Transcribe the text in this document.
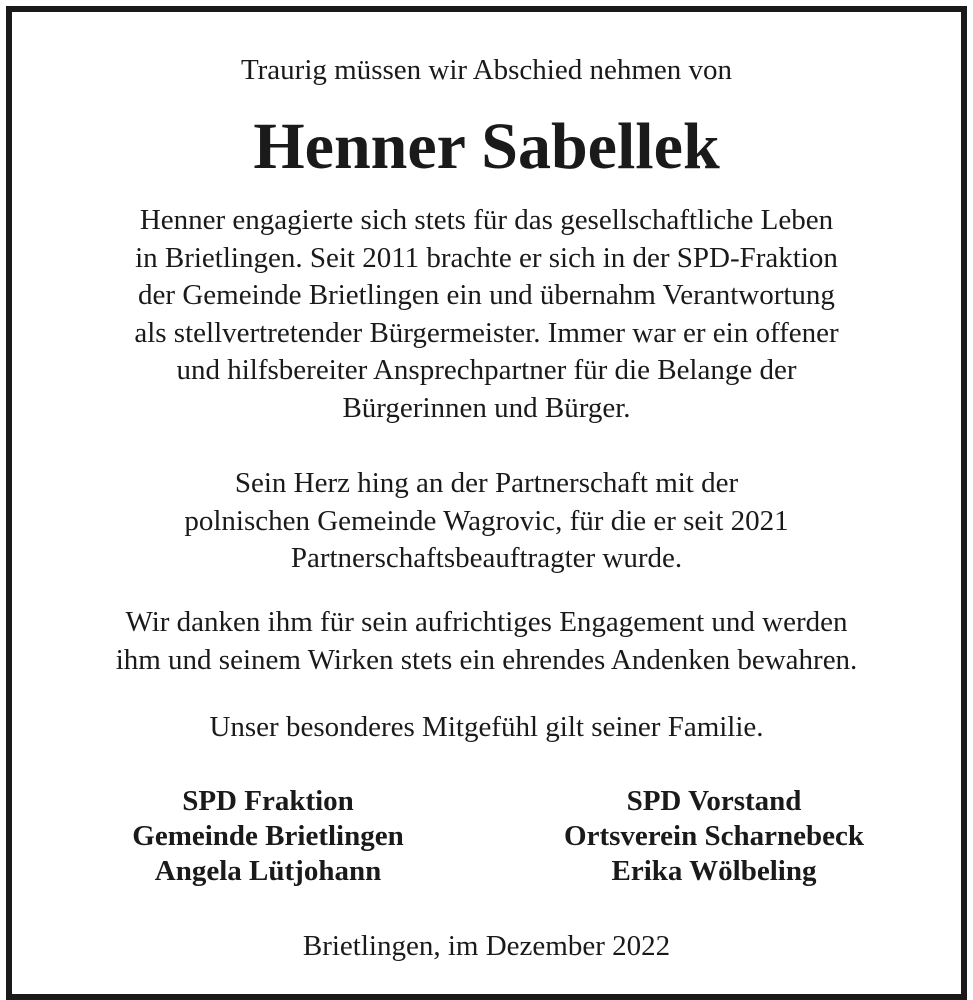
Traurig müssen wir Abschied nehmen von
Henner Sabellek
Henner engagierte sich stets für das gesellschaftliche Leben
in Brietlingen. Seit 2011 brachte er sich in der SPD-Fraktion
der Gemeinde Brietlingen ein und übernahm Verantwortung
als stellvertretender Bürgermeister. Immer war er ein offener
und hilfsbereiter Ansprechpartner für die Belange der
Bürgerinnen und Bürger.
Sein Herz hing an der Partnerschaft mit der
polnischen Gemeinde Wagrovic, für die er seit 2021
Partnerschaftsbeauftragter wurde.
Wir danken ihm für sein aufrichtiges Engagement und werden
ihm und seinem Wirken stets ein ehrendes Andenken bewahren.
Unser besonderes Mitgefühl gilt seiner Familie.
SPD Fraktion
Gemeinde Brietlingen
Angela Lütjohann
SPD Vorstand
Ortsverein Scharnebeck
Erika Wölbeling
Brietlingen, im Dezember 2022
